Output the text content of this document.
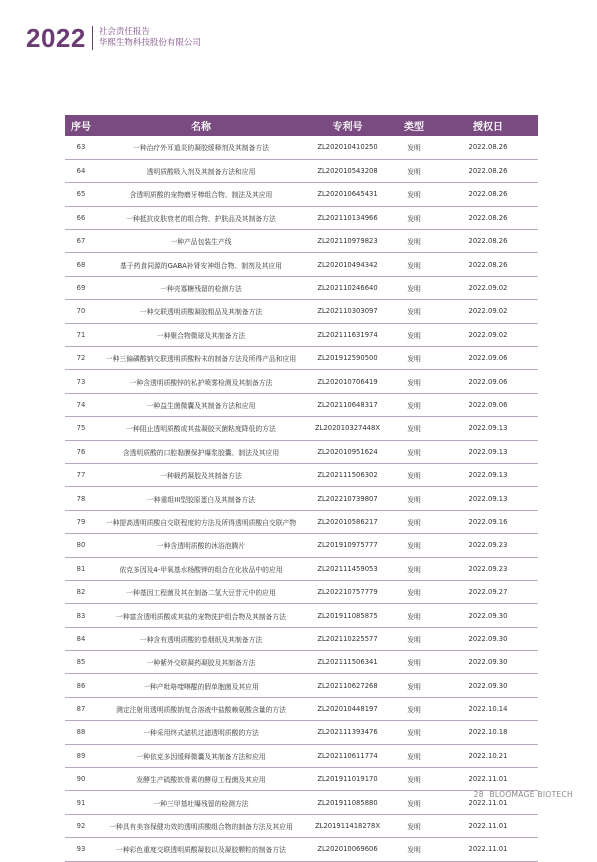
2022 社会责任报告
华熙生物科技股份有限公司
序号	名称	专利号	类型	授权日
63	一种治疗外耳道炎的凝胶缓释剂及其制备方法	ZL202010410250	发明	2022.08.26
64	透明质酸吸入剂及其制备方法和应用	ZL202010543208	发明	2022.08.26
65	含透明质酸的宠物磨牙棒组合物、制法及其应用	ZL202010645431	发明	2022.08.26
66	一种抵抗皮肤衰老的组合物、护肤品及其制备方法	ZL202110134966	发明	2022.08.26
67	一种产品包装生产线	ZL202110979823	发明	2022.08.26
68	基于药食同源的GABA补肾安神组合物、制剂及其应用	ZL202010494342	发明	2022.08.26
69	一种壳寡糖残留的检测方法	ZL202110246640	发明	2022.09.02
70	一种交联透明质酸凝胶粗品及其制备方法	ZL202110303097	发明	2022.09.02
71	一种聚合物微球及其制备方法	ZL202111631974	发明	2022.09.02
72	一种三偏磷酸钠交联透明质酸粉末的制备方法及所得产品和应用	ZL201912590500	发明	2022.09.06
73	一种含透明质酸锌的私护喷雾检测及其制备方法	ZL202010706419	发明	2022.09.06
74	一种益生菌微囊及其制备方法和应用	ZL202110648317	发明	2022.09.06
75	一种阻止透明质酸或其盐凝胶灭菌粘度降低的方法	ZL202010327448X	发明	2022.09.13
76	含透明质酸的口腔黏膜保护爆浆胶囊、制法及其应用	ZL202010951624	发明	2022.09.13
77	一种载药凝胶及其制备方法	ZL202111506302	发明	2022.09.13
78	一种重组III型胶原蛋白及其制备方法	ZL202210739807	发明	2022.09.13
79	一种提高透明质酸自交联程度的方法及所得透明质酸自交联产物	ZL202010586217	发明	2022.09.16
80	一种含透明质酸的沐浴泡腾片	ZL201910975777	发明	2022.09.23
81	依克多因及4-甲氧基水杨酸钾的组合在化妆品中的应用	ZL202111459053	发明	2022.09.23
82	一种基因工程菌及其在制备二氢大豆苷元中的应用	ZL202210757779	发明	2022.09.27
83	一种富含透明质酸或其盐的宠物洗护组合物及其制备方法	ZL201911085875	发明	2022.09.30
84	一种含有透明质酸的卷烟纸及其制备方法	ZL202110225577	发明	2022.09.30
85	一种紫外交联凝药凝胶及其制备方法	ZL202111506341	发明	2022.09.30
86	一种产吡咯喹啉醌的假单胞菌及其应用	ZL202110627268	发明	2022.09.30
87	测定注射用透明质酸钠复合溶液中盐酸赖氨酸含量的方法	ZL202010448197	发明	2022.10.14
88	一种采用终式滤机过滤透明质酸的方法	ZL202111393476	发明	2022.10.18
89	一种依克多因缓释微囊及其制备方法和应用	ZL202110611774	发明	2022.10.21
90	发酵生产硫酸软骨素的酵母工程菌及其应用	ZL201911019170	发明	2022.11.01
91	一种三甲基吐曝残留的检测方法	ZL201911085880	发明	2022.11.01
92	一种具有美容保健功效的透明质酸组合物的制备方法及其应用	ZL201911418278X	发明	2022.11.01
93	一种彩色重度交联透明质酸凝胶以及凝胶颗粒的制备方法	ZL202010069606	发明	2022.11.01
28 BLOOMAGE BIOTECH
